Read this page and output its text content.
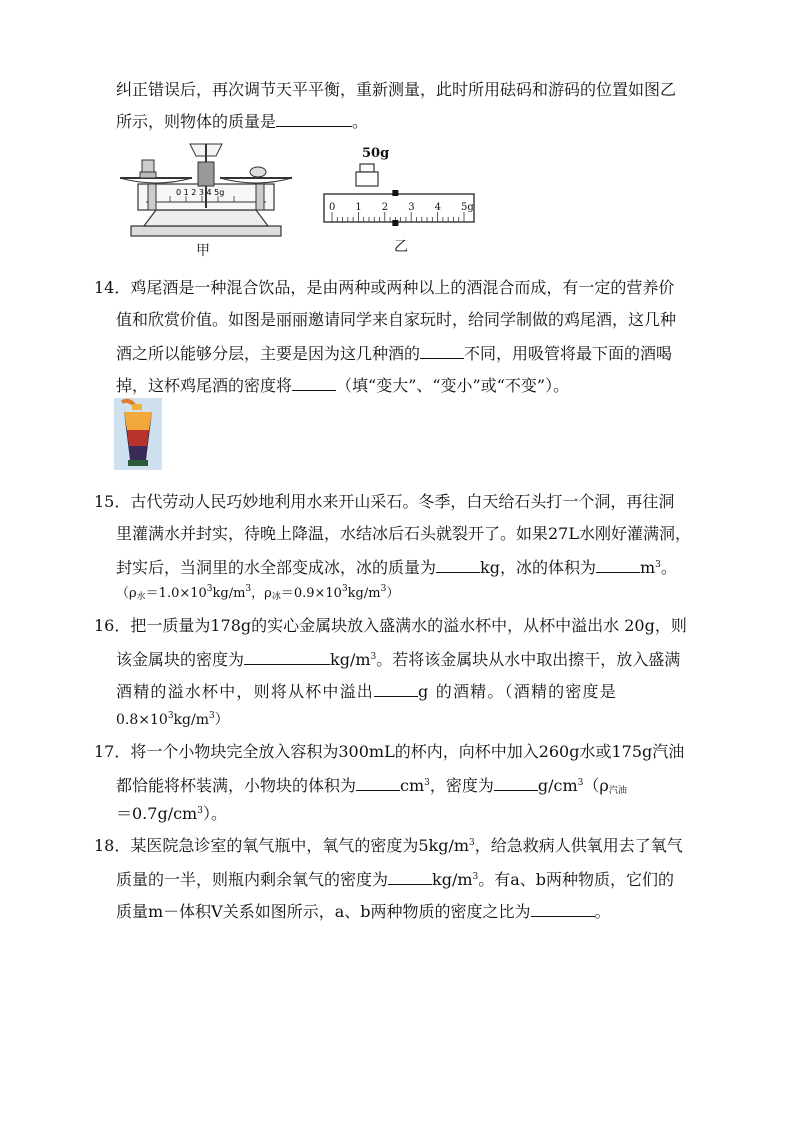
纠正错误后，再次调节天平平衡，重新测量，此时所用砝码和游码的位置如图乙
所示，则物体的质量是	。
0 1 2 3 4 5g
甲
50g
0 1 2 3 4 5g
乙
14．鸡尾酒是一种混合饮品，是由两种或两种以上的酒混合而成，有一定的营养价
值和欣赏价值。如图是丽丽邀请同学来自家玩时，给同学制做的鸡尾酒，这几种
酒之所以能够分层，主要是因为这几种酒的	不同，用吸管将最下面的酒喝
掉，这杯鸡尾酒的密度将	（填“变大”、“变小”或“不变”）。
15．古代劳动人民巧妙地利用水来开山采石。冬季，白天给石头打一个洞，再往洞
里灌满水并封实，待晚上降温，水结冰后石头就裂开了。如果27L水刚好灌满洞，
封实后，当洞里的水全部变成冰，冰的质量为	kg，冰的体积为	$m^3$。
（$\rho_水=1.0\times 10^3kg/m^3$，$\rho_冰=0.9\times 10^3kg/m^3$）
16．把一质量为178g的实心金属块放入盛满水的溢水杯中，从杯中溢出水 20g，则
该金属块的密度为	$kg/m^3$。若将该金属块从水中取出擦干，放入盛满
酒精的溢水杯中，则将从杯中溢出	g 的酒精。（酒精的密度是
$0.8\times 10^3kg/m^3$）
17．将一个小物块完全放入容积为300mL的杯内，向杯中加入260g水或175g汽油
都恰能将杯装满，小物块的体积为	$cm^3$，密度为	$g/cm^3(\rho_{汽油}$
$=0.7g/cm^3$）。
18．某医院急诊室的氧气瓶中，氧气的密度为$5kg/m^3$，给急救病人供氧用去了氧气
质量的一半，则瓶内剩余氧气的密度为	$kg/m^3$。有a、b两种物质，它们的
质量m－体积V关系如图所示，a、b两种物质的密度之比为	。
